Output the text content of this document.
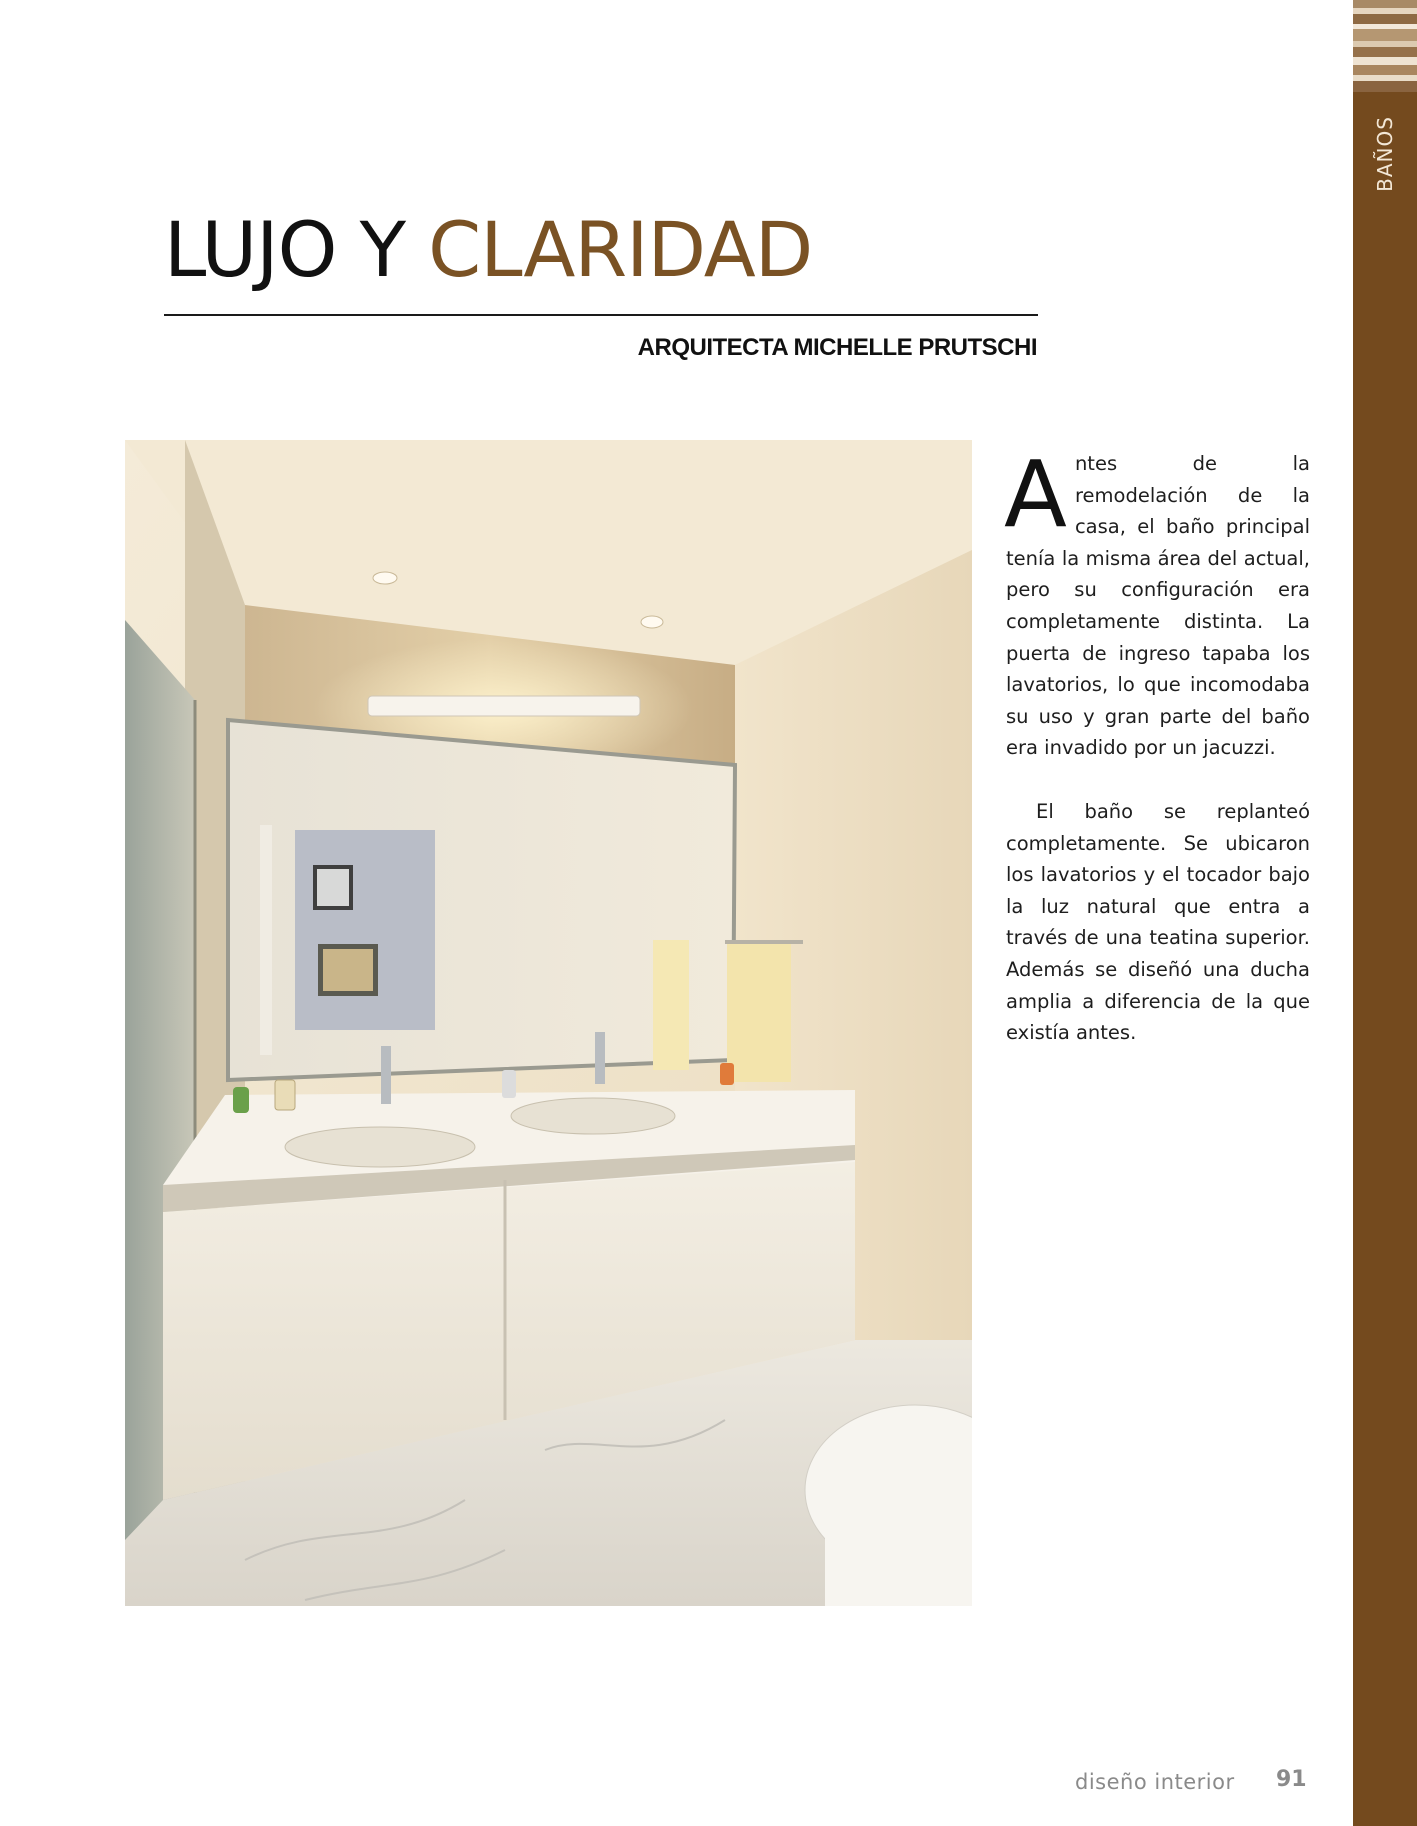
BAÑOS
LUJO Y CLARIDAD
ARQUITECTA MICHELLE PRUTSCHI

Antes de la remodelación de la casa, el baño principal tenía la misma área del actual, pero su configuración era completamente distinta. La puerta de ingreso tapaba los lavatorios, lo que incomodaba su uso y gran parte del baño era invadido por un jacuzzi.

El baño se replanteó completamente. Se ubicaron los lavatorios y el tocador bajo la luz natural que entra a través de una teatina superior. Además se diseñó una ducha amplia a diferencia de la que existía antes.

diseño interior 91
